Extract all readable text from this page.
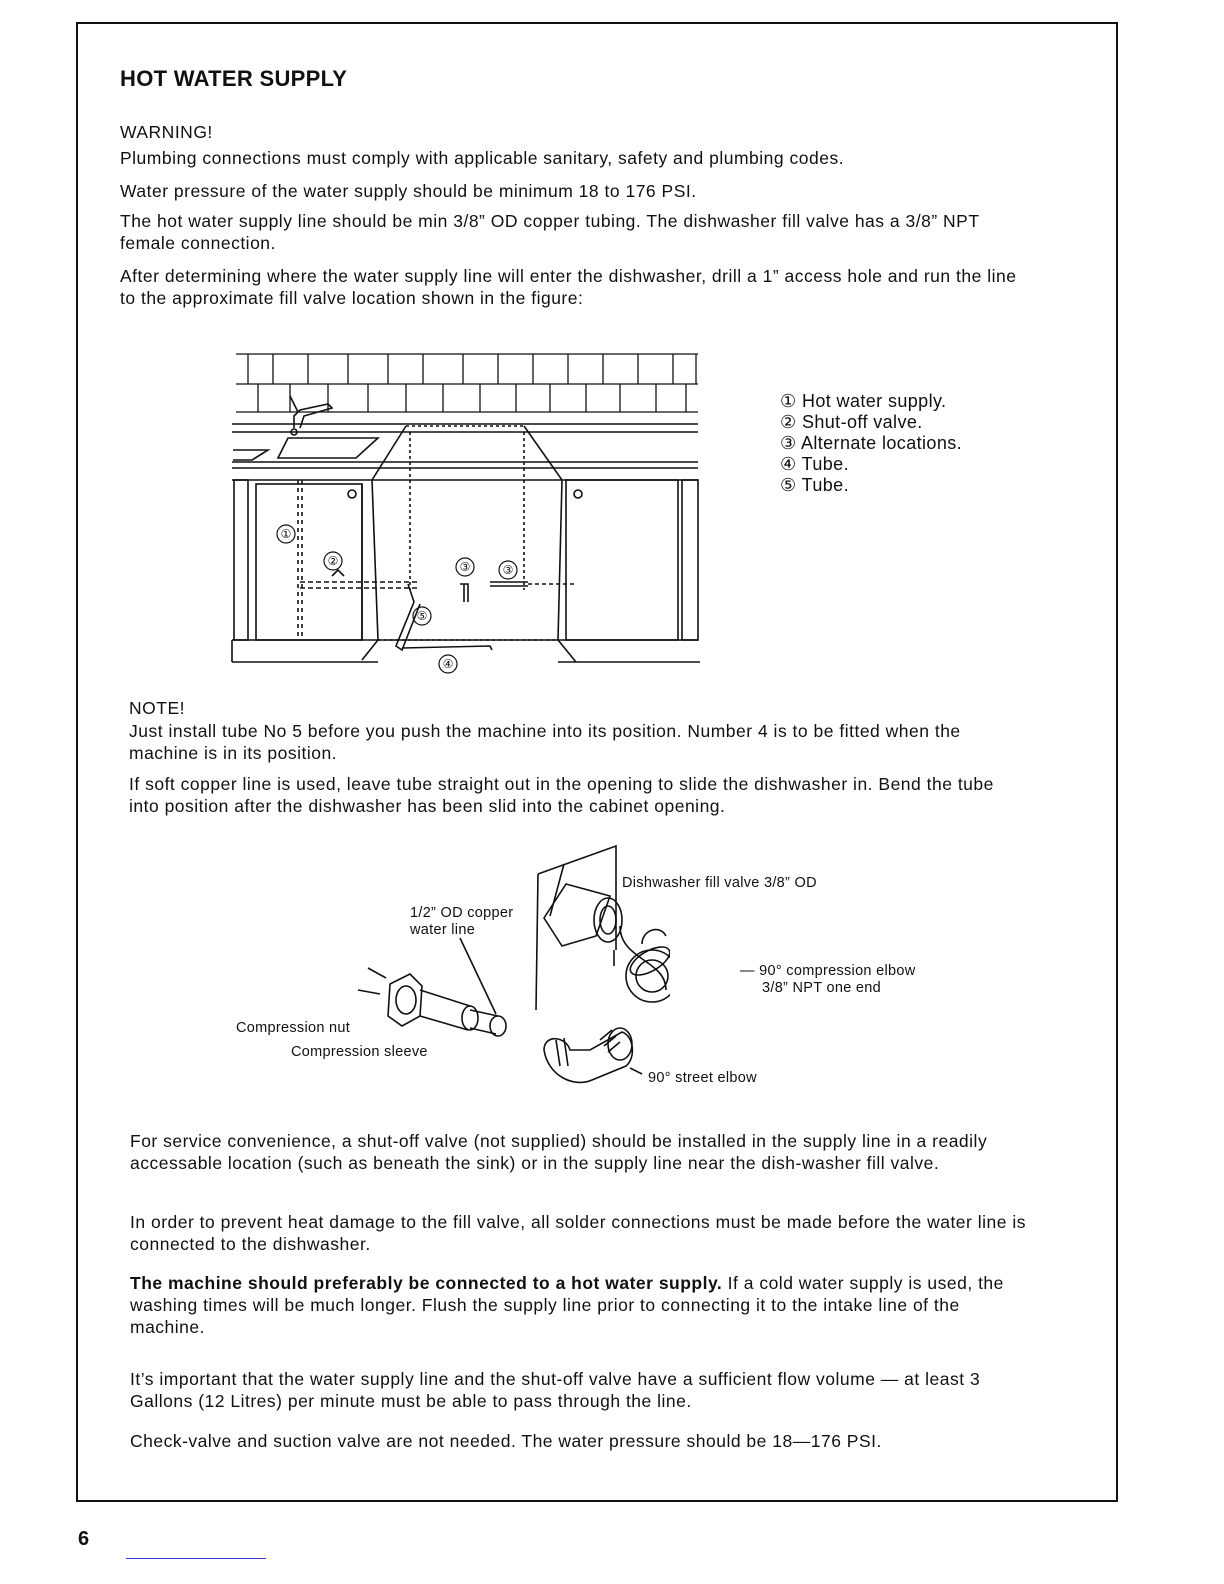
HOT WATER SUPPLY
WARNING!
Plumbing connections must comply with applicable sanitary, safety and plumbing codes.
Water pressure of the water supply should be minimum 18 to 176 PSI.
The hot water supply line should be min 3/8” OD copper tubing. The dishwasher fill valve has a 3/8” NPT female connection.
After determining where the water supply line will enter the dishwasher, drill a 1” access hole and run the line to the approximate fill valve location shown in the figure:
①
②	③	③
⑤
④
① Hot water supply.
② Shut-off valve.
③ Alternate locations.
④ Tube.
⑤ Tube.
NOTE!
Just install tube No 5 before you push the machine into its position. Number 4 is to be fitted when the machine is in its position.
If soft copper line is used, leave tube straight out in the opening to slide the dishwasher in. Bend the tube into position after the dishwasher has been slid into the cabinet opening.
Dishwasher fill valve 3/8” OD
1/2” OD copper
water line
— 90° compression elbow
3/8” NPT one end
Compression nut
Compression sleeve
90° street elbow
For service convenience, a shut-off valve (not supplied) should be installed in the supply line in a readily accessable location (such as beneath the sink) or in the supply line near the dish-washer fill valve.
In order to prevent heat damage to the fill valve, all solder connections must be made before the water line is connected to the dishwasher.
The machine should preferably be connected to a hot water supply. If a cold water supply is used, the washing times will be much longer. Flush the supply line prior to connecting it to the intake line of the machine.
It’s important that the water supply line and the shut-off valve have a sufficient flow volume — at least 3 Gallons (12 Litres) per minute must be able to pass through the line.
Check-valve and suction valve are not needed. The water pressure should be 18—176 PSI.
6
